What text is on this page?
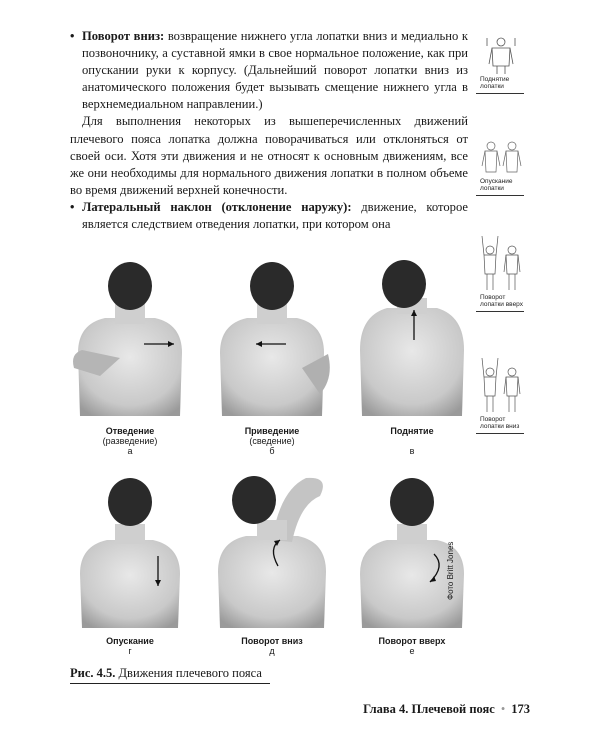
• Поворот вниз: возвращение нижнего угла лопатки вниз и медиально к позвоночнику, а суставной ямки в свое нормальное положение, как при опускании руки к корпусу. (Дальнейший поворот лопатки вниз из анатомического положения будет вызывать смещение нижнего угла в верхнемедиальном направлении.)

Для выполнения некоторых из вышеперечисленных движений плечевого пояса лопатка должна поворачиваться или отклоняться от своей оси. Хотя эти движения и не относят к основным движениям, все же они необходимы для нормального движения лопатки в полном объеме во время движений верхней конечности.

• Латеральный наклон (отклонение наружу): движение, которое является следствием отведения лопатки, при котором она
Поднятие лопатки
Опускание лопатки
Поворот лопатки вверх
Поворот лопатки вниз
Отведение
(разведение)
а
Приведение
(сведение)
б
Поднятие
в
Фото Britt Jones
Опускание
г
Поворот вниз
д
Поворот вверх
е
Рис. 4.5. Движения плечевого пояса
Глава 4. Плечевой пояс • 173
